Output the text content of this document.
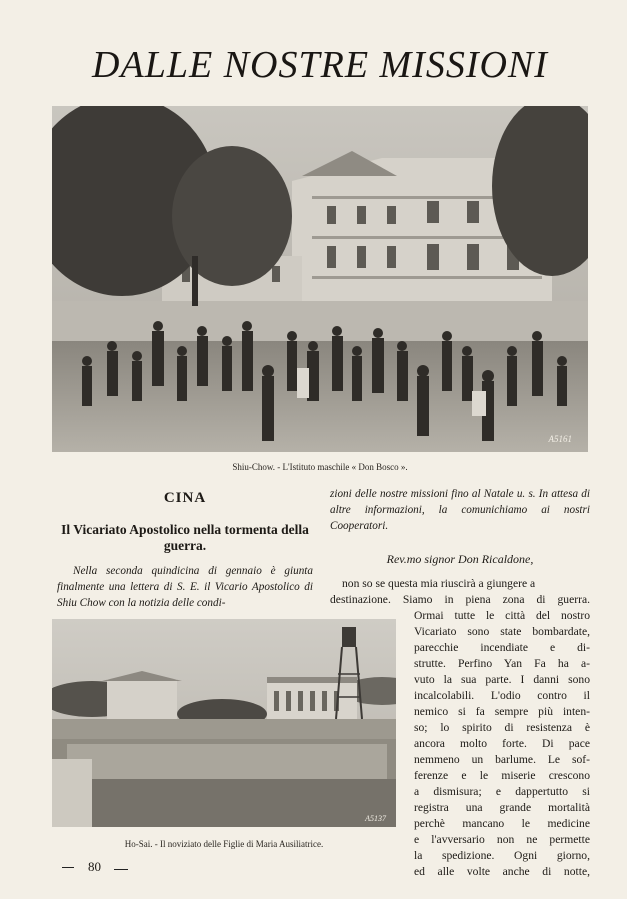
DALLE NOSTRE MISSIONI
A5161
Shiu-Chow. - L'Istituto maschile « Don Bosco ».
CINA
Il Vicariato Apostolico nella tormenta della guerra.
Nella seconda quindicina di gennaio è giunta finalmente una lettera di S. E. il Vicario Apostolico di Shiu Chow con la notizia delle condi-
zioni delle nostre missioni fino al Natale u. s. In attesa di altre informazioni, la comunichiamo ai nostri Cooperatori.
Rev.mo signor Don Ricaldone,
A5137
Ho-Sai. - Il noviziato delle Figlie di Maria Ausiliatrice.
non so se questa mia riuscirà a giungere a
destinazione. Siamo in piena zona di guerra.
Ormai tutte le città del nostro
Vicariato sono state bombardate,
parecchie incendiate e di-
strutte. Perfino Yan Fa ha a-
vuto la sua parte. I danni sono
incalcolabili. L'odio contro il
nemico si fa sempre più inten-
so; lo spirito di resistenza è
ancora molto forte. Di pace
nemmeno un barlume. Le sof-
ferenze e le miserie crescono
a dismisura; e dappertutto si
registra una grande mortalità
perchè mancano le medicine
e l'avversario non ne permette
la spedizione. Ogni giorno,
ed alle volte anche di notte,
80
